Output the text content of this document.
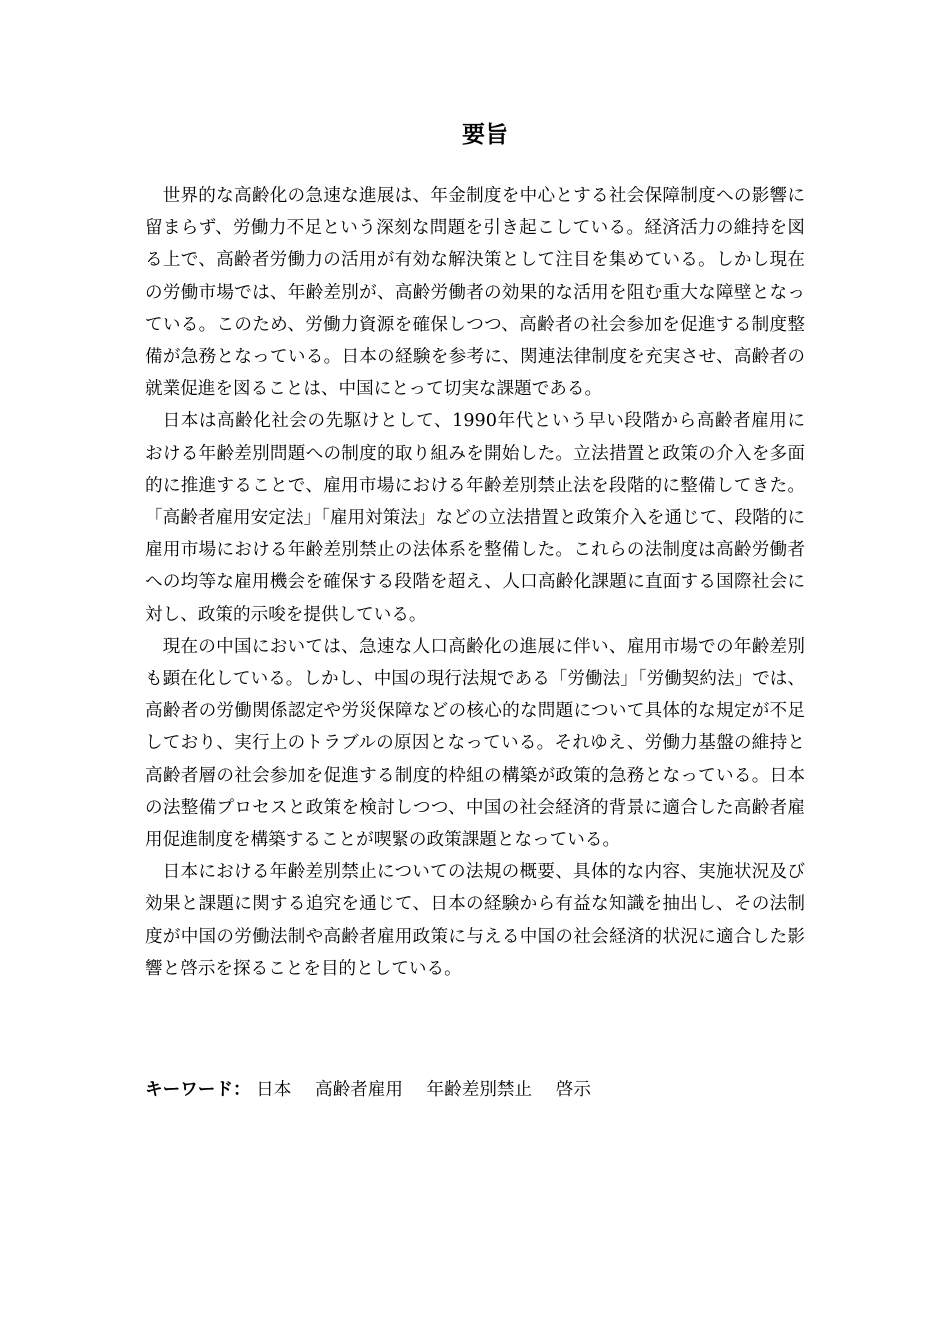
要旨

世界的な高齢化の急速な進展は、年金制度を中心とする社会保障制度への影響に留まらず、労働力不足という深刻な問題を引き起こしている。経済活力の維持を図る上で、高齢者労働力の活用が有効な解決策として注目を集めている。しかし現在の労働市場では、年齢差別が、高齢労働者の効果的な活用を阻む重大な障壁となっている。このため、労働力資源を確保しつつ、高齢者の社会参加を促進する制度整備が急務となっている。日本の経験を参考に、関連法律制度を充実させ、高齢者の就業促進を図ることは、中国にとって切実な課題である。

日本は高齢化社会の先駆けとして、1990年代という早い段階から高齢者雇用における年齢差別問題への制度的取り組みを開始した。立法措置と政策の介入を多面的に推進することで、雇用市場における年齢差別禁止法を段階的に整備してきた。「高齢者雇用安定法」「雇用対策法」などの立法措置と政策介入を通じて、段階的に雇用市場における年齢差別禁止の法体系を整備した。これらの法制度は高齢労働者への均等な雇用機会を確保する段階を超え、人口高齢化課題に直面する国際社会に対し、政策的示唆を提供している。

現在の中国においては、急速な人口高齢化の進展に伴い、雇用市場での年齢差別も顕在化している。しかし、中国の現行法規である「労働法」「労働契約法」では、高齢者の労働関係認定や労災保障などの核心的な問題について具体的な規定が不足しており、実行上のトラブルの原因となっている。それゆえ、労働力基盤の維持と高齢者層の社会参加を促進する制度的枠組の構築が政策的急務となっている。日本の法整備プロセスと政策を検討しつつ、中国の社会経済的背景に適合した高齢者雇用促進制度を構築することが喫緊の政策課題となっている。

日本における年齢差別禁止についての法規の概要、具体的な内容、実施状況及び効果と課題に関する追究を通じて、日本の経験から有益な知識を抽出し、その法制度が中国の労働法制や高齢者雇用政策に与える中国の社会経済的状況に適合した影響と啓示を探ることを目的としている。

キーワード： 日本 高齢者雇用 年齢差別禁止 啓示
